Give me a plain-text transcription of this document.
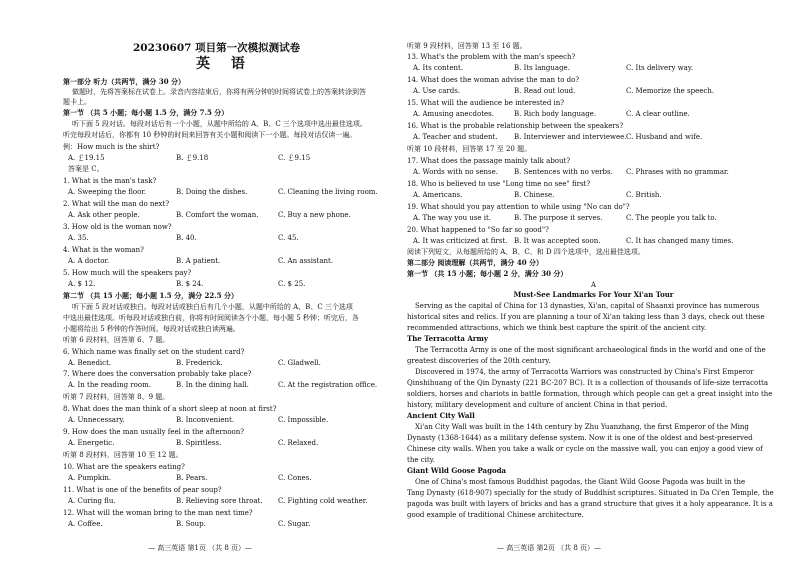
20230607 项目第一次模拟测试卷
英 语
第一部分 听力（共两节，满分 30 分）
做题时，先将答案标在试卷上。录音内容结束后，你将有两分钟的时间将试卷上的答案转涂到答
题卡上。
第一节 （共 5 小题；每小题 1.5 分，满分 7.5 分）
听下面 5 段对话。每段对话后有一个小题，从题中所给的 A、B、C 三个选项中选出最佳选项。
听完每段对话后，你都有 10 秒钟的时间来回答有关小题和阅读下一小题。每段对话仅读一遍。
例：How much is the shirt?
A. ￡19.15	B. ￡9.18	C. ￡9.15
答案是 C。
1. What is the man's task?
A. Sweeping the floor.	B. Doing the dishes.	C. Cleaning the living room.
2. What will the man do next?
A. Ask other people.	B. Comfort the woman.	C. Buy a new phone.
3. How old is the woman now?
A. 35.	B. 40.	C. 45.
4. What is the woman?
A. A doctor.	B. A patient.	C. An assistant.
5. How much will the speakers pay?
A. $ 12.	B. $ 24.	C. $ 25.
第二节 （共 15 小题；每小题 1.5 分，满分 22.5 分）
听下面 5 段对话或独白。每段对话或独白后有几个小题，从题中所给的 A、B、C 三个选项
中选出最佳选项。听每段对话或独白前，你将有时间阅读各个小题，每小题 5 秒钟；听完后，各
小题将给出 5 秒钟的作答时间。每段对话或独白读两遍。
听第 6 段材料，回答第 6、7 题。
6. Which name was finally set on the student card?
A. Benedict.	B. Frederick.	C. Gladwell.
7. Where does the conversation probably take place?
A. In the reading room.	B. In the dining hall.	C. At the registration office.
听第 7 段材料，回答第 8、9 题。
8. What does the man think of a short sleep at noon at first?
A. Unnecessary.	B. Inconvenient.	C. Impossible.
9. How does the man usually feel in the afternoon?
A. Energetic.	B. Spiritless.	C. Relaxed.
听第 8 段材料，回答第 10 至 12 题。
10. What are the speakers eating?
A. Pumpkin.	B. Pears.	C. Cones.
11. What is one of the benefits of pear soup?
A. Curing flu.	B. Relieving sore throat. C. Fighting cold weather.
12. What will the woman bring to the man next time?
A. Coffee.	B. Soup.	C. Sugar.
— 高三英语 第1页 （共 8 页）—
听第 9 段材料，回答第 13 至 16 题。
13. What's the problem with the man's speech?
A. Its content.	B. Its language.	C. Its delivery way.
14. What does the woman advise the man to do?
A. Use cards.	B. Read out loud.	C. Memorize the speech.
15. What will the audience be interested in?
A. Amusing anecdotes.	B. Rich body language.	C. A clear outline.
16. What is the probable relationship between the speakers?
A. Teacher and student. B. Interviewer and interviewee. C. Husband and wife.
听第 10 段材料，回答第 17 至 20 题。
17. What does the passage mainly talk about?
A. Words with no sense. B. Sentences with no verbs. C. Phrases with no grammar.
18. Who is believed to use "Long time no see" first?
A. Americans.	B. Chinese.	C. British.
19. What should you pay attention to while using "No can do"?
A. The way you use it.	B. The purpose it serves.	C. The people you talk to.
20. What happened to "So far so good"?
A. It was criticized at first. B. It was accepted soon.	C. It has changed many times.
阅读下列短文，从每题所给的 A、B、C、和 D 四个选项中，选出最佳选项。
第二部分 阅读理解（共两节，满分 40 分）
第一节 （共 15 小题；每小题 2 分，满分 30 分）
A
Must-See Landmarks For Your Xi'an Tour
Serving as the capital of China for 13 dynasties, Xi'an, capital of Shaanxi province has numerous
historical sites and relics. If you are planning a tour of Xi'an taking less than 3 days, check out these
recommended attractions, which we think best capture the spirit of the ancient city.
The Terracotta Army
The Terracotta Army is one of the most significant archaeological finds in the world and one of the
greatest discoveries of the 20th century.
Discovered in 1974, the army of Terracotta Warriors was constructed by China's First Emperor
Qinshihuang of the Qin Dynasty (221 BC-207 BC). It is a collection of thousands of life-size terracotta
soldiers, horses and chariots in battle formation, through which people can get a great insight into the
history, military development and culture of ancient China in that period.
Ancient City Wall
Xi'an City Wall was built in the 14th century by Zhu Yuanzhang, the first Emperor of the Ming
Dynasty (1368-1644) as a military defense system. Now it is one of the oldest and best-preserved
Chinese city walls. When you take a walk or cycle on the massive wall, you can enjoy a good view of
the city.
Giant Wild Goose Pagoda
One of China's most famous Buddhist pagodas, the Giant Wild Goose Pagoda was built in the
Tang Dynasty (618-907) specially for the study of Buddhist scriptures. Situated in Da Ci'en Temple, the
pagoda was built with layers of bricks and has a grand structure that gives it a holy appearance. It is a
good example of traditional Chinese architecture.
— 高三英语 第2页 （共 8 页）—
